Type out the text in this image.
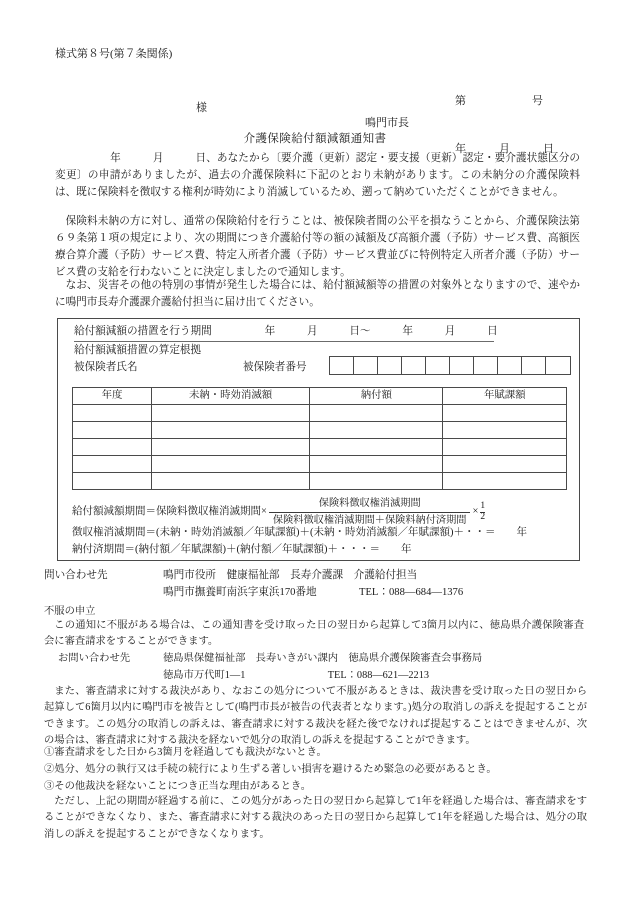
様式第８号(第７条関係)

第　　　　　　号

年　　　月　　　日

様
鳴門市長
介護保険給付額減額通知書
年　　　月　　　日、あなたから〔要介護（更新）認定・要支援（更新）認定・要介護状態区分の変更〕の申請がありましたが、過去の介護保険料に下記のとおり未納があります。この未納分の介護保険料は、既に保険料を徴収する権利が時効により消滅しているため、遡って納めていただくことができません。
保険料未納の方に対し、通常の保険給付を行うことは、被保険者間の公平を損なうことから、介護保険法第６９条第１項の規定により、次の期間につき介護給付等の額の減額及び高額介護（予防）サービス費、高額医療合算介護（予防）サービス費、特定入所者介護（予防）サービス費並びに特例特定入所者介護（予防）サービス費の支給を行わないことに決定しましたので通知します。
なお、災害その他の特別の事情が発生した場合には、給付額減額等の措置の対象外となりますので、速やかに鳴門市長寿介護課介護給付担当に届け出てください。
給付額減額の措置を行う期間　　　　　年　　　月　　　日～　　　年　　　月　　　日
給付額減額措置の算定根拠
被保険者氏名	被保険者番号
年度	未納・時効消滅額	納付額	年賦課額

給付額減額期間＝保険料徴収権消滅期間× $\frac{\text{保険料徴収権消滅期間}}{\text{保険料徴収権消滅期間＋保険料納付済期間}} \times \frac{1}{2}$
徴収権消滅期間＝(未納・時効消滅額／年賦課額)＋(未納・時効消滅額／年賦課額)＋・・＝　　年
納付済期間＝(納付額／年賦課額)＋(納付額／年賦課額)＋・・・＝　　年
問い合わせ先	鳴門市役所　健康福祉部　長寿介護課　介護給付担当
鳴門市撫養町南浜字東浜170番地　　　　TEL：088—684—1376
不服の申立
この通知に不服がある場合は、この通知書を受け取った日の翌日から起算して3箇月以内に、徳島県介護保険審査会に審査請求をすることができます。
お問い合わせ先	徳島県保健福祉部　長寿いきがい課内　徳島県介護保険審査会事務局
徳島市万代町1—1　　　　　　　　TEL：088—621—2213
また、審査請求に対する裁決があり、なおこの処分について不服があるときは、裁決書を受け取った日の翌日から起算して6箇月以内に鳴門市を被告として(鳴門市長が被告の代表者となります。)処分の取消しの訴えを提起することができます。この処分の取消しの訴えは、審査請求に対する裁決を経た後でなければ提起することはできませんが、次の場合は、審査請求に対する裁決を経ないで処分の取消しの訴えを提起することができます。
①審査請求をした日から3箇月を経過しても裁決がないとき。
②処分、処分の執行又は手続の続行により生ずる著しい損害を避けるため緊急の必要があるとき。
③その他裁決を経ないことにつき正当な理由があるとき。
ただし、上記の期間が経過する前に、この処分があった日の翌日から起算して1年を経過した場合は、審査請求をすることができなくなり、また、審査請求に対する裁決のあった日の翌日から起算して1年を経過した場合は、処分の取消しの訴えを提起することができなくなります。
